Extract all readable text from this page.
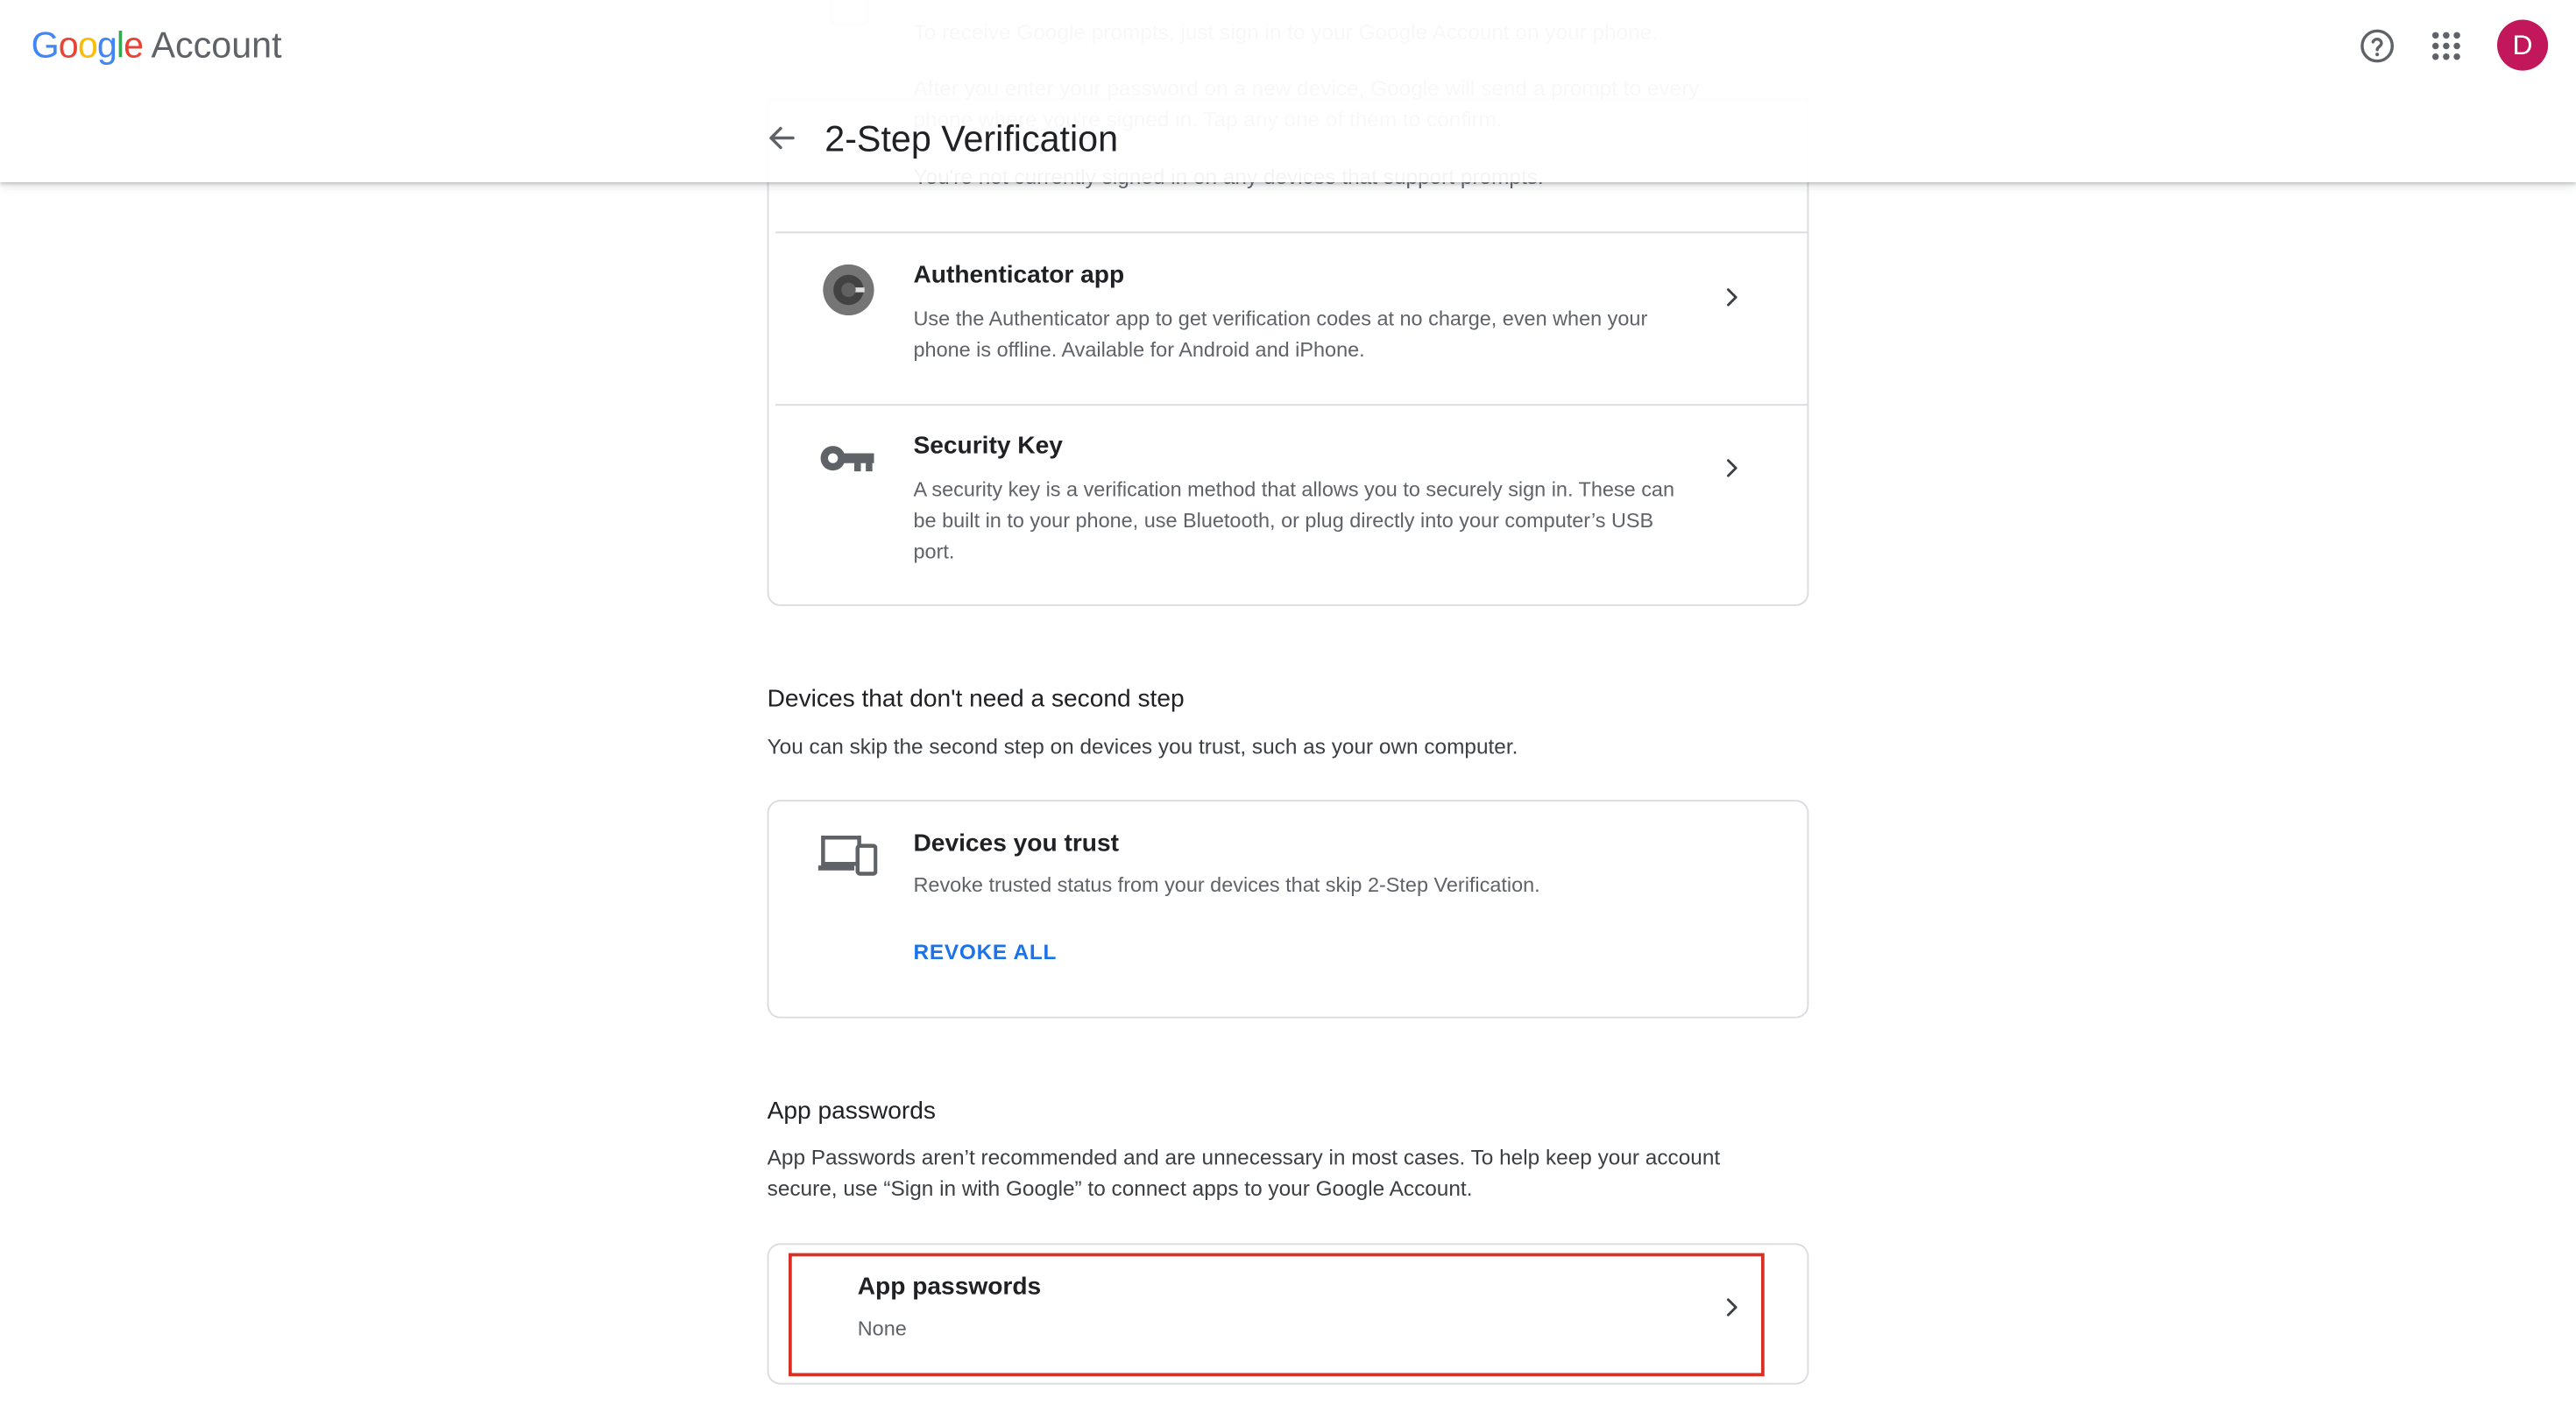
Google Account	D
2-Step Verification
Authenticator app
Use the Authenticator app to get verification codes at no charge, even when your phone is offline. Available for Android and iPhone.
Security Key
A security key is a verification method that allows you to securely sign in. These can be built in to your phone, use Bluetooth, or plug directly into your computer’s USB port.
Devices that don't need a second step
You can skip the second step on devices you trust, such as your own computer.
Devices you trust
Revoke trusted status from your devices that skip 2-Step Verification.
REVOKE ALL
App passwords
App Passwords aren’t recommended and are unnecessary in most cases. To help keep your account secure, use “Sign in with Google” to connect apps to your Google Account.
App passwords
None
